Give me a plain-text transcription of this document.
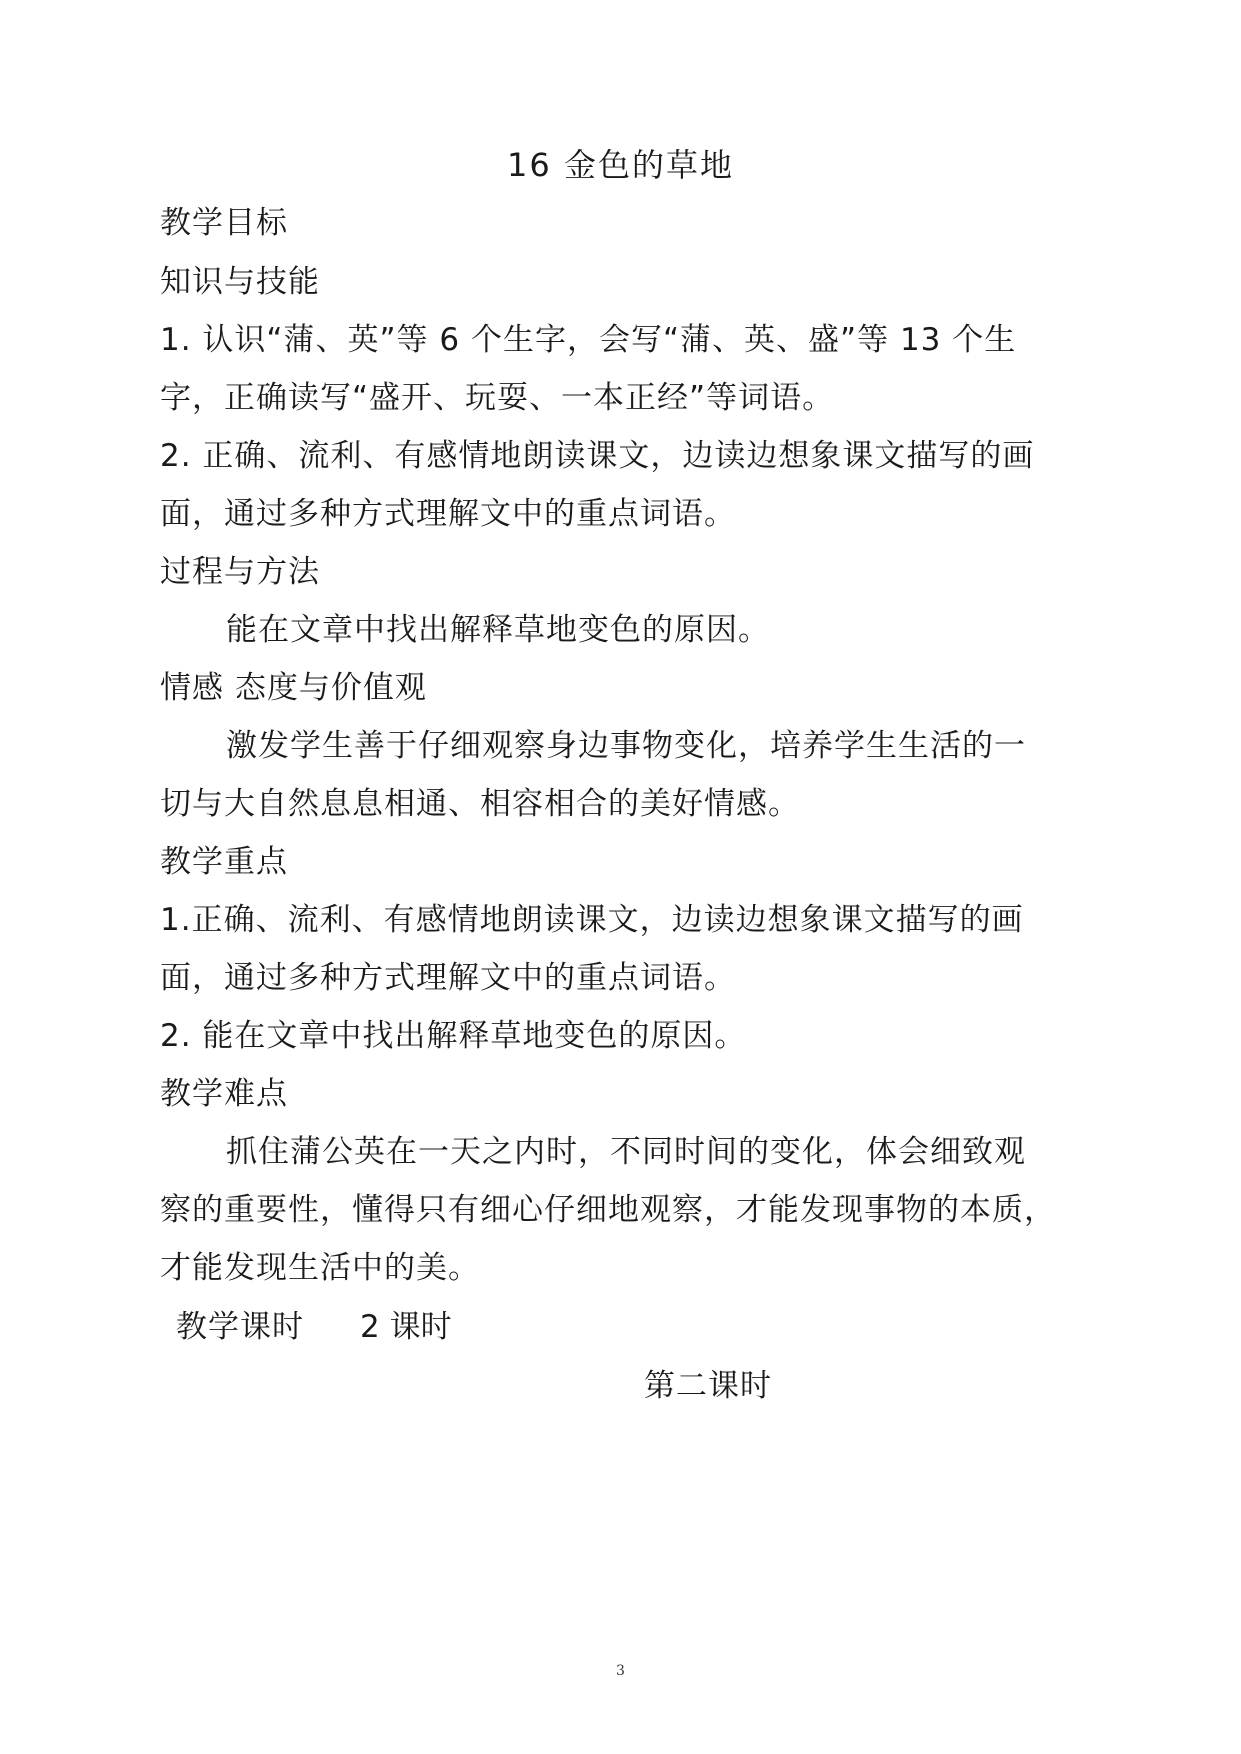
16 金色的草地
教学目标
知识与技能
1. 认识“蒲、英”等 6 个生字，会写“蒲、英、盛”等 13 个生
字，正确读写“盛开、玩耍、一本正经”等词语。
2. 正确、流利、有感情地朗读课文，边读边想象课文描写的画
面，通过多种方式理解文中的重点词语。
过程与方法
能在文章中找出解释草地变色的原因。
情感 态度与价值观
激发学生善于仔细观察身边事物变化，培养学生生活的一
切与大自然息息相通、相容相合的美好情感。
教学重点
1.正确、流利、有感情地朗读课文，边读边想象课文描写的画
面，通过多种方式理解文中的重点词语。
2. 能在文章中找出解释草地变色的原因。
教学难点
抓住蒲公英在一天之内时，不同时间的变化，体会细致观
察的重要性，懂得只有细心仔细地观察，才能发现事物的本质，
才能发现生活中的美。
教学课时	2 课时
第二课时
3
